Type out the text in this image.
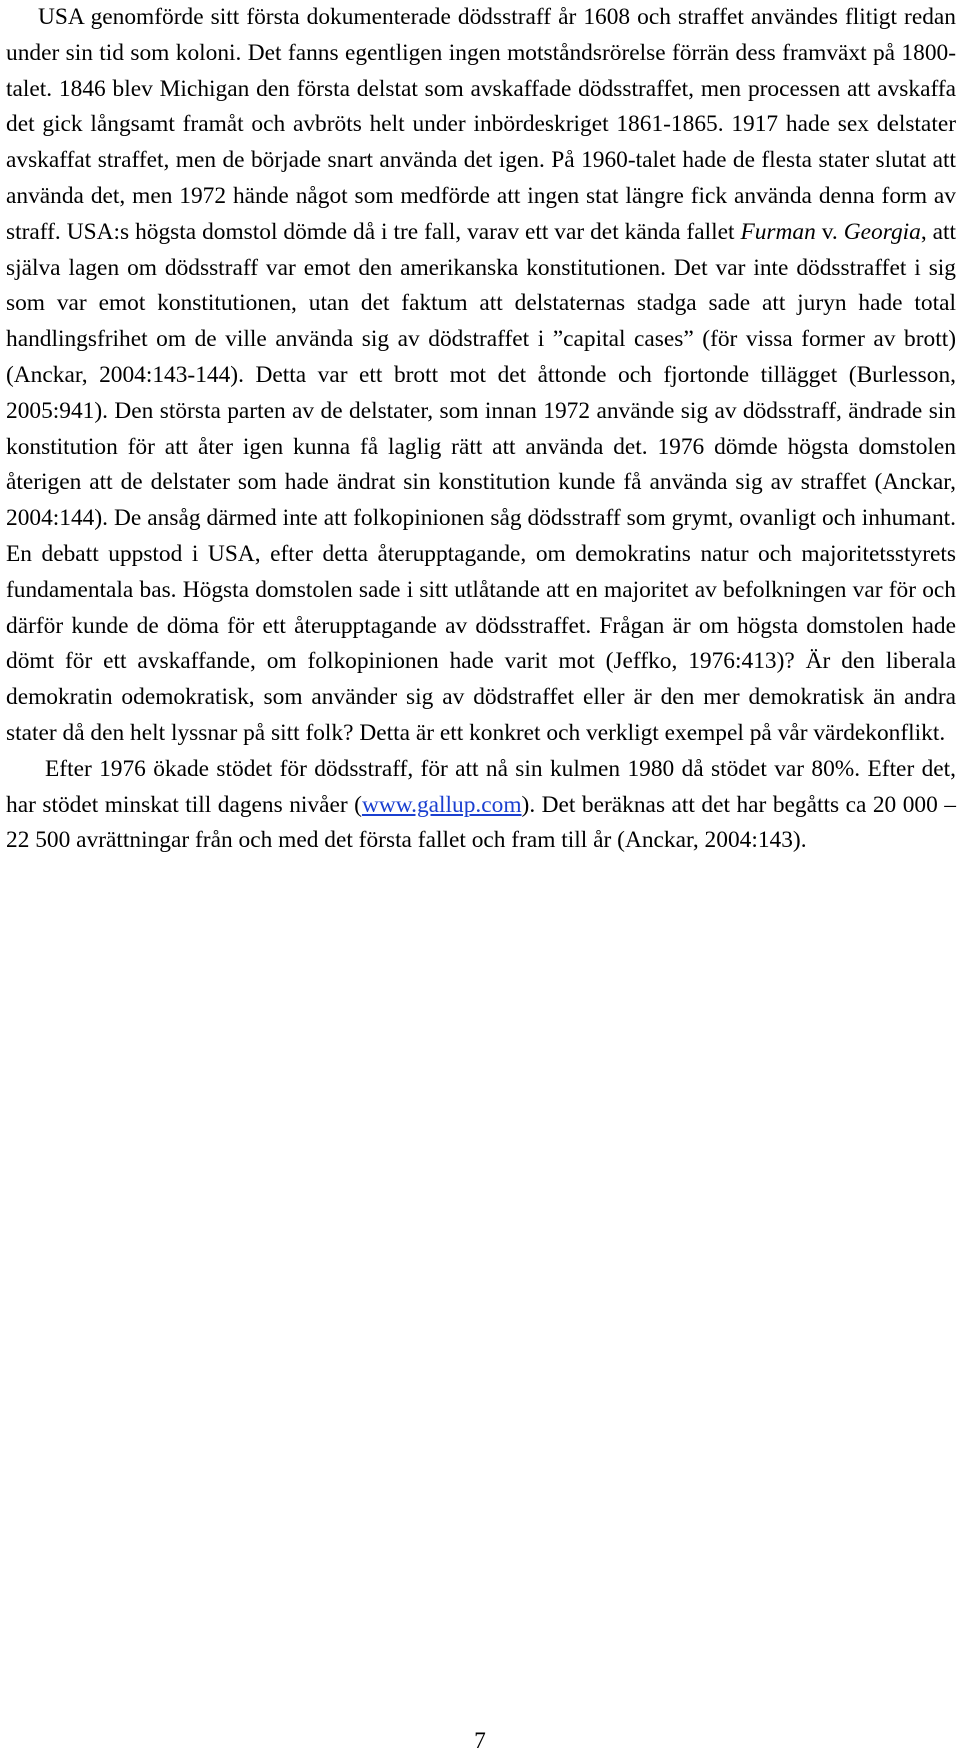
USA genomförde sitt första dokumenterade dödsstraff år 1608 och straffet användes flitigt redan under sin tid som koloni. Det fanns egentligen ingen motståndsrörelse förrän dess framväxt på 1800-talet. 1846 blev Michigan den första delstat som avskaffade dödsstraffet, men processen att avskaffa det gick långsamt framåt och avbröts helt under inbördeskriget 1861-1865. 1917 hade sex delstater avskaffat straffet, men de började snart använda det igen. På 1960-talet hade de flesta stater slutat att använda det, men 1972 hände något som medförde att ingen stat längre fick använda denna form av straff. USA:s högsta domstol dömde då i tre fall, varav ett var det kända fallet Furman v. Georgia, att själva lagen om dödsstraff var emot den amerikanska konstitutionen. Det var inte dödsstraffet i sig som var emot konstitutionen, utan det faktum att delstaternas stadga sade att juryn hade total handlingsfrihet om de ville använda sig av dödstraffet i ”capital cases” (för vissa former av brott) (Anckar, 2004:143-144). Detta var ett brott mot det åttonde och fjortonde tillägget (Burlesson, 2005:941). Den största parten av de delstater, som innan 1972 använde sig av dödsstraff, ändrade sin konstitution för att åter igen kunna få laglig rätt att använda det. 1976 dömde högsta domstolen återigen att de delstater som hade ändrat sin konstitution kunde få använda sig av straffet (Anckar, 2004:144). De ansåg därmed inte att folkopinionen såg dödsstraff som grymt, ovanligt och inhumant. En debatt uppstod i USA, efter detta återupptagande, om demokratins natur och majoritetsstyrets fundamentala bas. Högsta domstolen sade i sitt utlåtande att en majoritet av befolkningen var för och därför kunde de döma för ett återupptagande av dödsstraffet. Frågan är om högsta domstolen hade dömt för ett avskaffande, om folkopinionen hade varit mot (Jeffko, 1976:413)? Är den liberala demokratin odemokratisk, som använder sig av dödstraffet eller är den mer demokratisk än andra stater då den helt lyssnar på sitt folk? Detta är ett konkret och verkligt exempel på vår värdekonflikt.

Efter 1976 ökade stödet för dödsstraff, för att nå sin kulmen 1980 då stödet var 80%. Efter det, har stödet minskat till dagens nivåer (www.gallup.com). Det beräknas att det har begåtts ca 20 000 – 22 500 avrättningar från och med det första fallet och fram till år (Anckar, 2004:143).

7
